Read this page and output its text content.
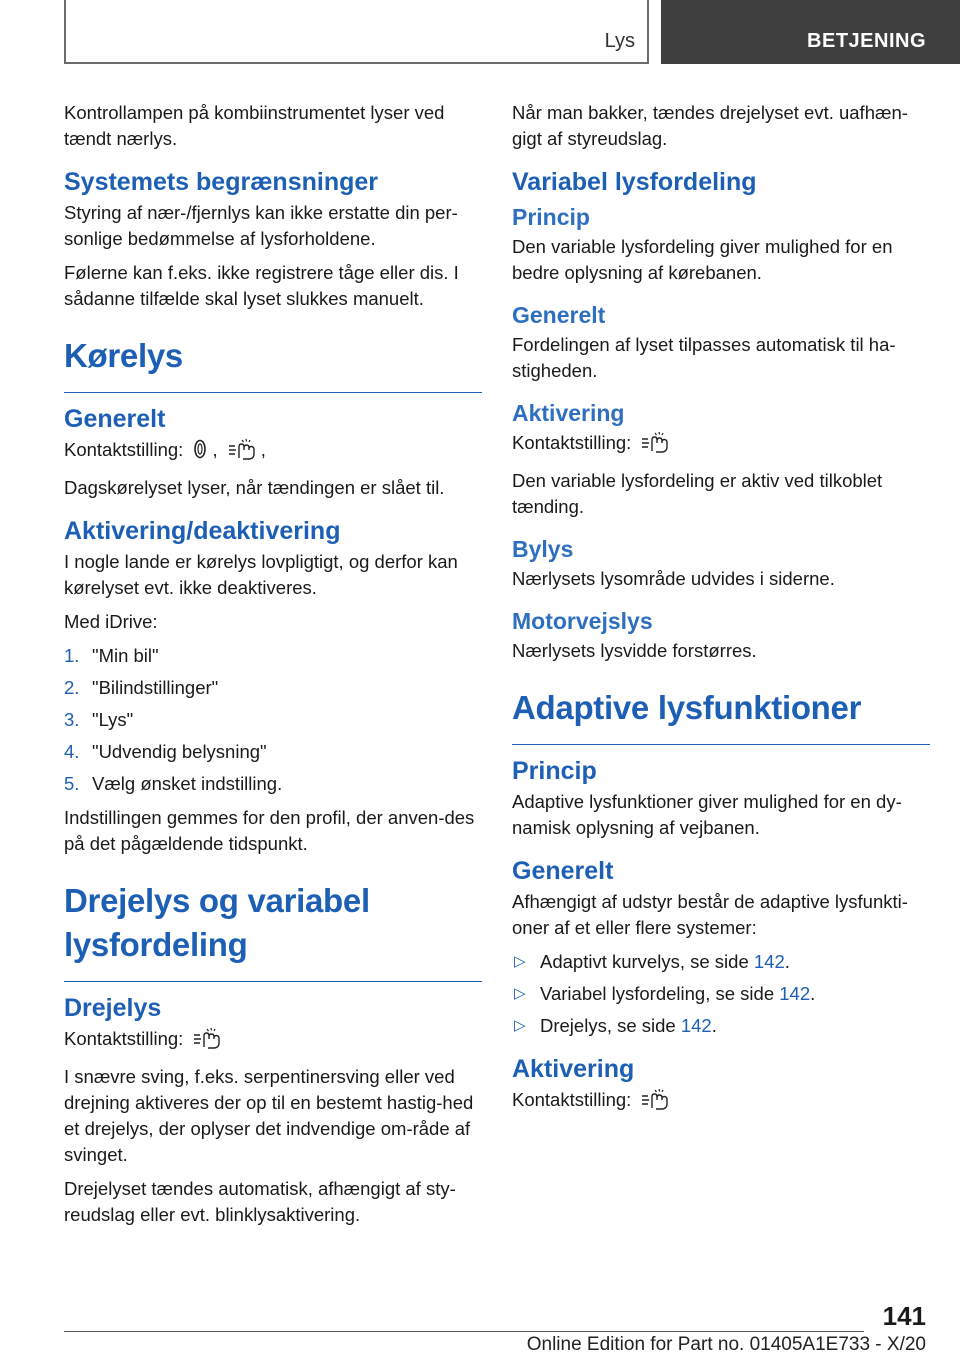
Lys	BETJENING

Kontrollampen på kombiinstrumentet lyser ved tændt nærlys.

Systemets begrænsninger

Styring af nær-/fjernlys kan ikke erstatte din per-sonlige bedømmelse af lysforholdene.

Følerne kan f.eks. ikke registrere tåge eller dis. I sådanne tilfælde skal lyset slukkes manuelt.

Kørelys
Generelt

Kontaktstilling: , ,

Dagskørelyset lyser, når tændingen er slået til.

Aktivering/deaktivering

I nogle lande er kørelys lovpligtigt, og derfor kan kørelyset evt. ikke deaktiveres.

Med iDrive:

1. "Min bil"
2. "Bilindstillinger"
3. "Lys"
4. "Udvendig belysning"
5. Vælg ønsket indstilling.

Indstillingen gemmes for den profil, der anven-des på det pågældende tidspunkt.

Drejelys og variabel lysfordeling
Drejelys

Kontaktstilling:

I snævre sving, f.eks. serpentinersving eller ved drejning aktiveres der op til en bestemt hastig-hed et drejelys, der oplyser det indvendige om-råde af svinget.

Drejelyset tændes automatisk, afhængigt af sty-reudslag eller evt. blinklysaktivering.

Når man bakker, tændes drejelyset evt. uafhæn-gigt af styreudslag.

Variabel lysfordeling
Princip

Den variable lysfordeling giver mulighed for en bedre oplysning af kørebanen.

Generelt

Fordelingen af lyset tilpasses automatisk til ha-stigheden.

Aktivering

Kontaktstilling:

Den variable lysfordeling er aktiv ved tilkoblet tænding.

Bylys

Nærlysets lysområde udvides i siderne.

Motorvejslys

Nærlysets lysvidde forstørres.

Adaptive lysfunktioner
Princip

Adaptive lysfunktioner giver mulighed for en dy-namisk oplysning af vejbanen.

Generelt

Afhængigt af udstyr består de adaptive lysfunkti-oner af et eller flere systemer:

▷ Adaptivt kurvelys, se side 142.
▷ Variabel lysfordeling, se side 142.
▷ Drejelys, se side 142.
Aktivering

Kontaktstilling:

141
Online Edition for Part no. 01405A1E733 - X/20
